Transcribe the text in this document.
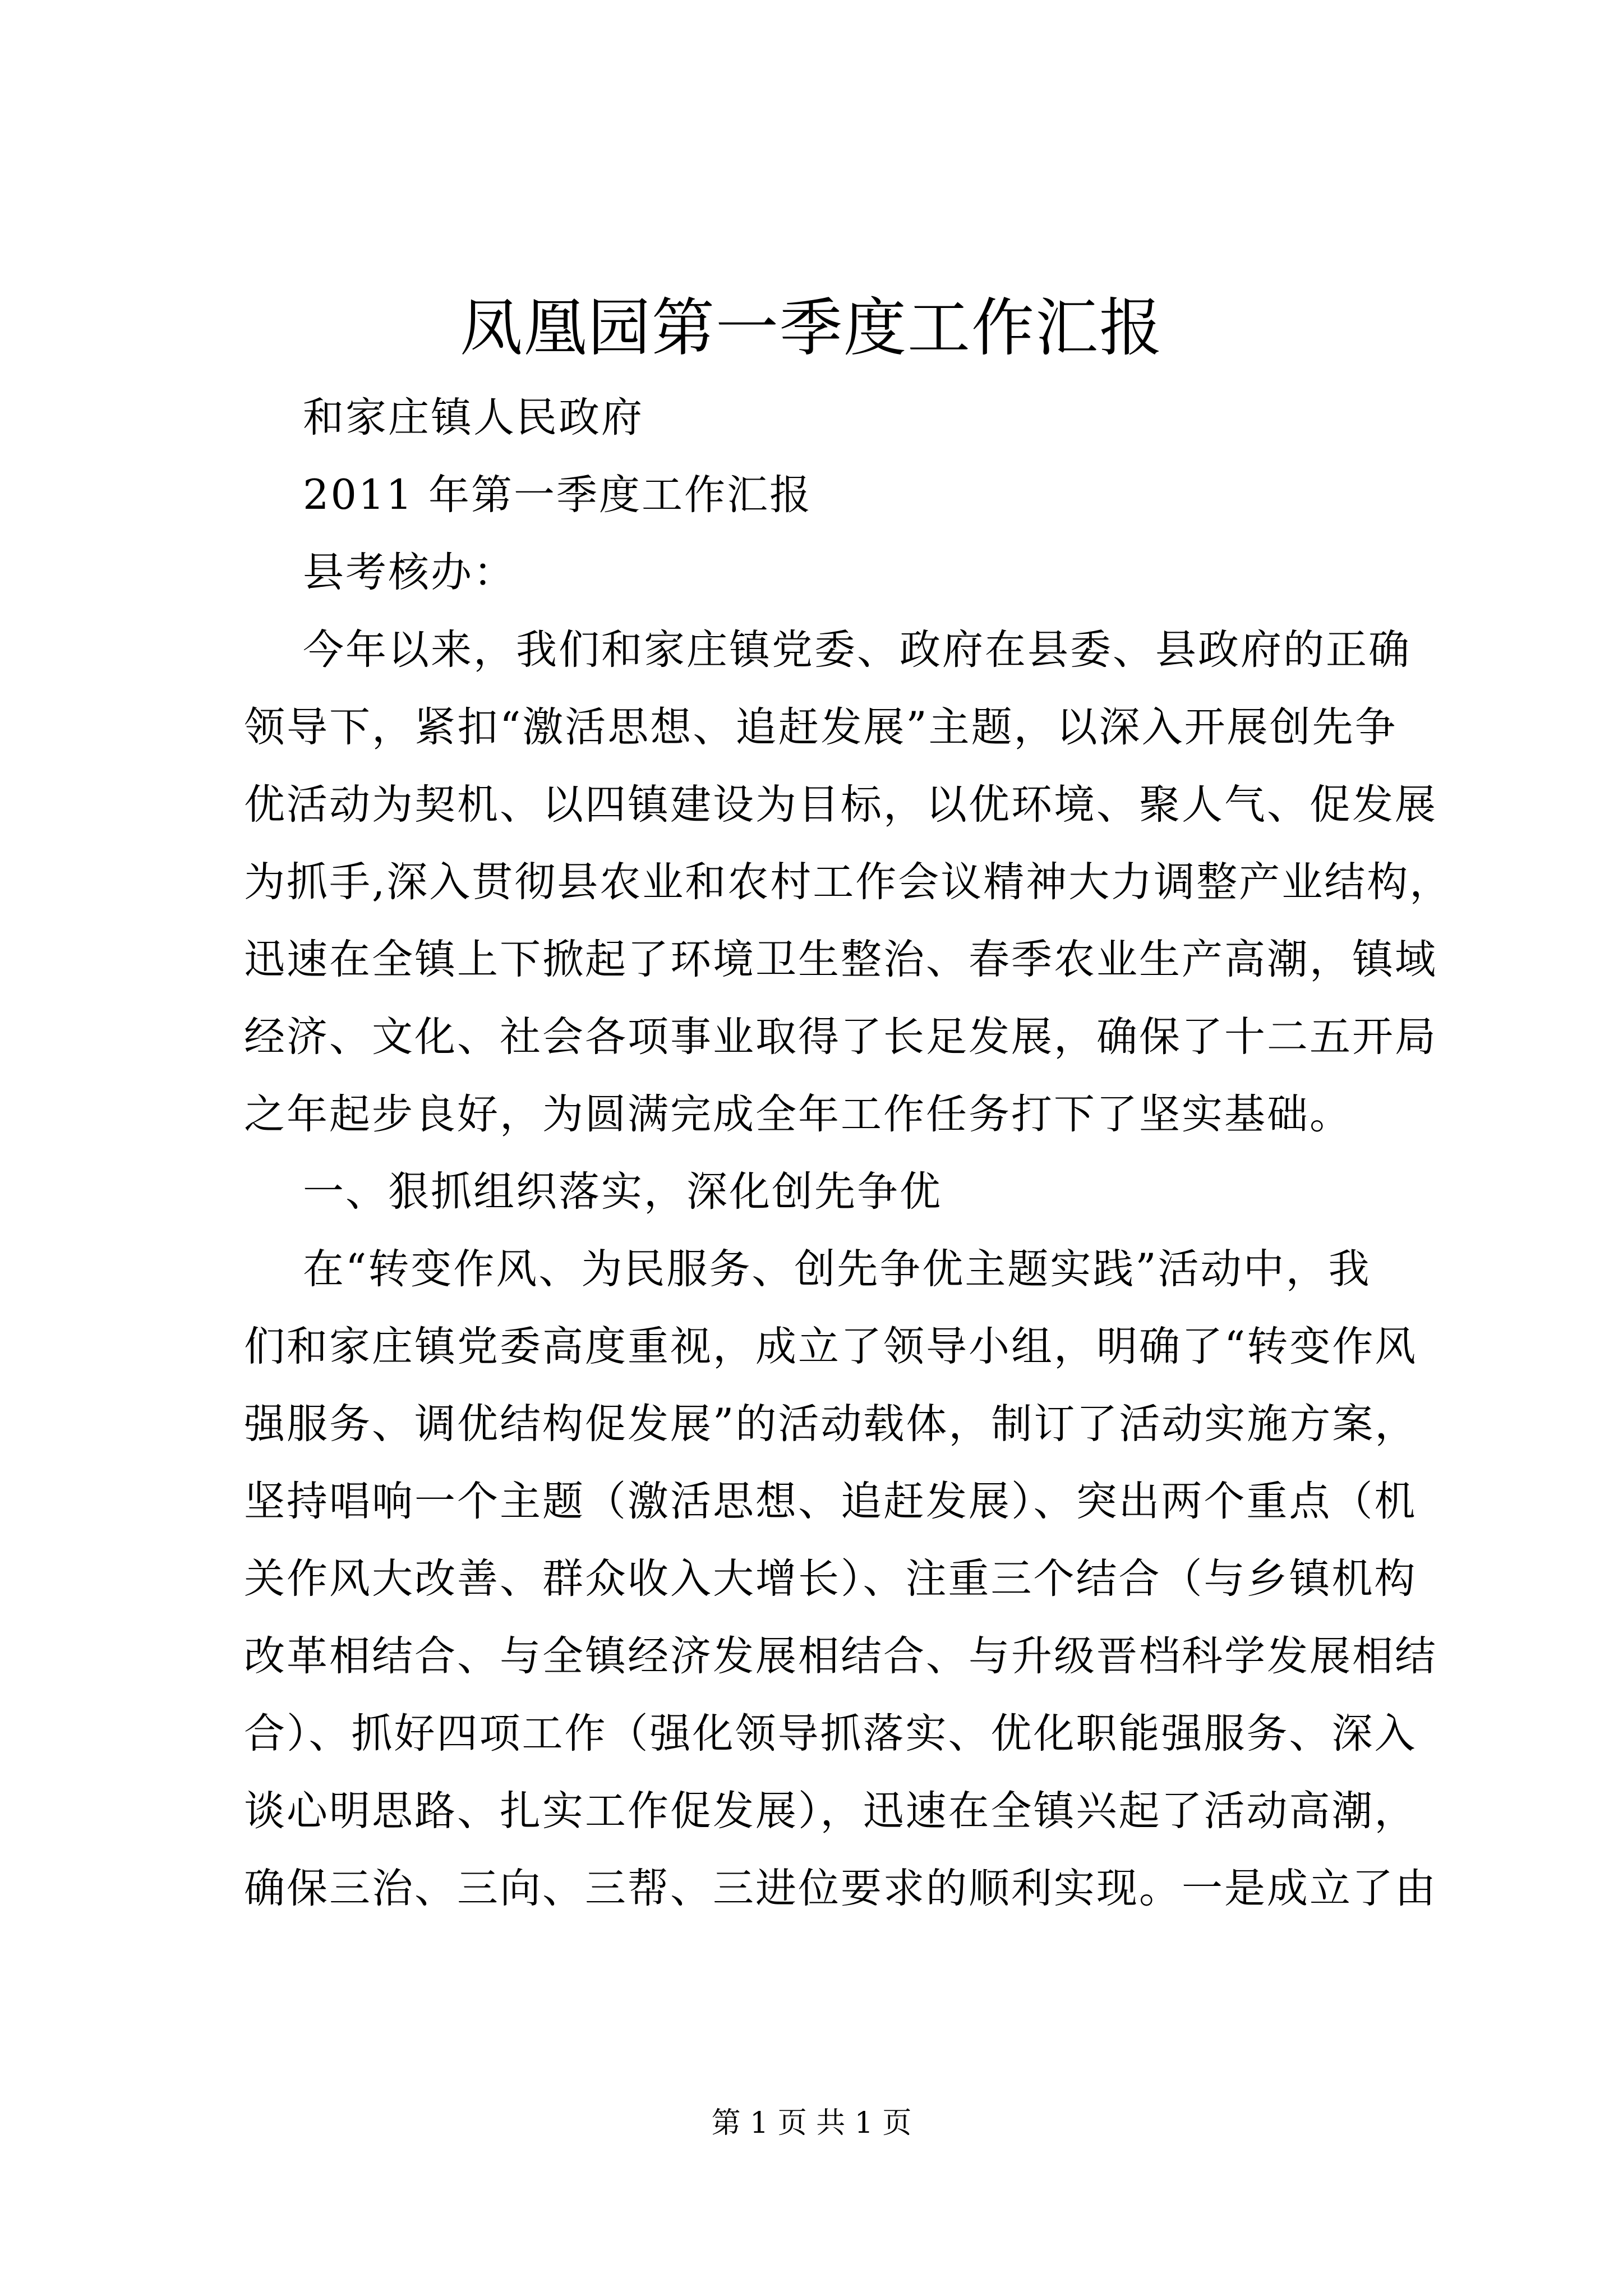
凤凰园第一季度工作汇报
和家庄镇人民政府
2011 年第一季度工作汇报
县考核办：
今年以来，我们和家庄镇党委、政府在县委、县政府的正确
领导下，紧扣“激活思想、追赶发展”主题，以深入开展创先争
优活动为契机、以四镇建设为目标，以优环境、聚人气、促发展
为抓手,深入贯彻县农业和农村工作会议精神大力调整产业结构，
迅速在全镇上下掀起了环境卫生整治、春季农业生产高潮，镇域
经济、文化、社会各项事业取得了长足发展，确保了十二五开局
之年起步良好，为圆满完成全年工作任务打下了坚实基础。
一、狠抓组织落实，深化创先争优
在“转变作风、为民服务、创先争优主题实践”活动中，我
们和家庄镇党委高度重视，成立了领导小组，明确了“转变作风
强服务、调优结构促发展”的活动载体，制订了活动实施方案，
坚持唱响一个主题（激活思想、追赶发展）、突出两个重点（机
关作风大改善、群众收入大增长）、注重三个结合（与乡镇机构
改革相结合、与全镇经济发展相结合、与升级晋档科学发展相结
合）、抓好四项工作（强化领导抓落实、优化职能强服务、深入
谈心明思路、扎实工作促发展），迅速在全镇兴起了活动高潮，
确保三治、三向、三帮、三进位要求的顺利实现。一是成立了由
第 1 页 共 1 页
